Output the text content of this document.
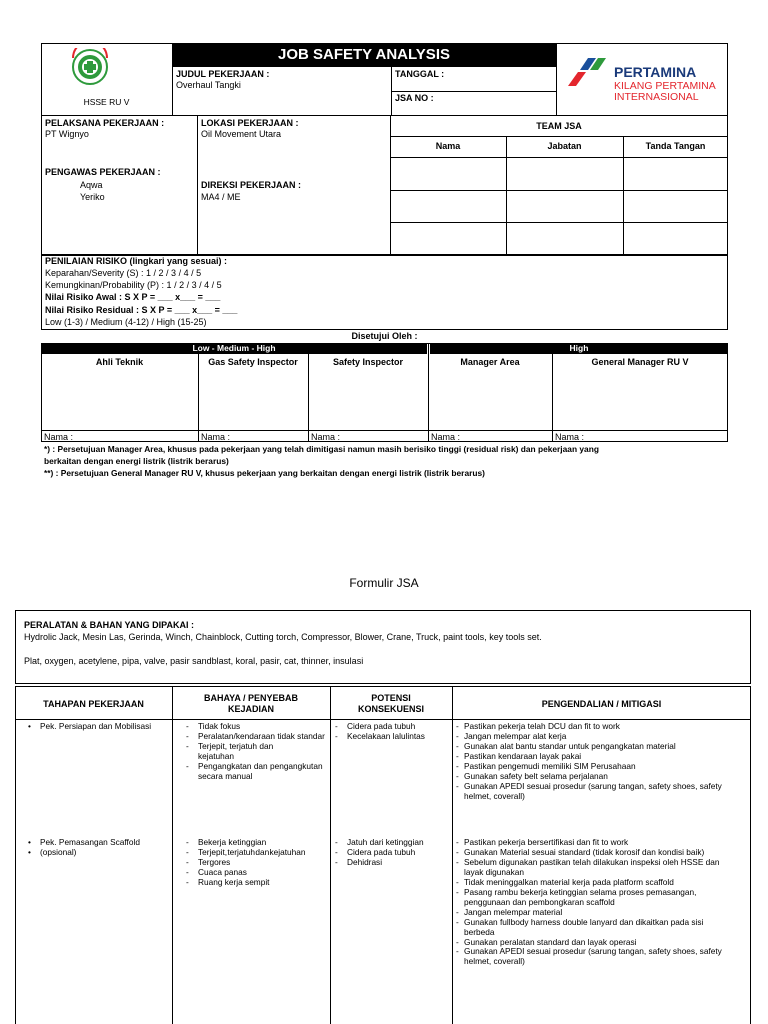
HSSE RU V
JOB SAFETY ANALYSIS
JUDUL PEKERJAAN :
Overhaul Tangki
TANGGAL :
JSA NO :
PERTAMINA
KILANG PERTAMINA
INTERNASIONAL
PELAKSANA PEKERJAAN :
PT Wignyo
LOKASI PEKERJAAN :
Oil Movement Utara
PENGAWAS PEKERJAAN :
Aqwa
Yeriko
DIREKSI PEKERJAAN :
MA4 / ME
TEAM JSA
Nama	Jabatan	Tanda Tangan
PENILAIAN RISIKO (lingkari yang sesuai) :
Keparahan/Severity (S) : 1 / 2 / 3 / 4 / 5
Kemungkinan/Probability (P) : 1 / 2 / 3 / 4 / 5
Nilai Risiko Awal : S X P = ___ x___ = ___
Nilai Risiko Residual : S X P = ___ x___ = ___
Low (1-3) / Medium (4-12) / High (15-25)
Disetujui Oleh :
Low - Medium - High	High
Ahli Teknik	Gas Safety Inspector	Safety Inspector	Manager Area	General Manager RU V
Nama :	Nama :	Nama :	Nama :	Nama :
*) : Persetujuan Manager Area, khusus pada pekerjaan yang telah dimitigasi namun masih berisiko tinggi (residual risk) dan pekerjaan yang
berkaitan dengan energi listrik (listrik berarus)
**) : Persetujuan General Manager RU V, khusus pekerjaan yang berkaitan dengan energi listrik (listrik berarus)
Formulir JSA
PERALATAN & BAHAN YANG DIPAKAI :
Hydrolic Jack, Mesin Las, Gerinda, Winch, Chainblock, Cutting torch, Compressor, Blower, Crane, Truck, paint tools, key tools set.
Plat, oxygen, acetylene, pipa, valve, pasir sandblast, koral, pasir, cat, thinner, insulasi
TAHAPAN PEKERJAAN
BAHAYA / PENYEBAB
KEJADIAN
POTENSI
KONSEKUENSI	PENGENDALIAN / MITIGASI
• Pek. Persiapan dan Mobilisasi
-	Tidak fokus
- Peralatan/kendaraan tidak standar
- Terjepit, terjatuh dan kejatuhan
- Pengangkatan dan pengangkutan secara manual
- Cidera pada tubuh
- Kecelakaan lalulintas
- Pastikan pekerja telah DCU dan fit to work
- Jangan melempar alat kerja
- Gunakan alat bantu standar untuk pengangkatan material
- Pastikan kendaraan layak pakai
- Pastikan pengemudi memiliki SIM Perusahaan
- Gunakan safety belt selama perjalanan
- Gunakan APEDI sesuai prosedur (sarung tangan, safety shoes, safety helmet, coverall)
• Pek. Pemasangan Scaffold
• (opsional)
- Bekerja ketinggian
- Terjepit, terjatuh dan kejatuhan
- Tergores
- Cuaca panas
- Ruang kerja sempit
- Jatuh dari ketinggian
- Cidera pada tubuh
- Dehidrasi
- Pastikan pekerja bersertifikasi dan fit to work
- Gunakan Material sesuai standard (tidak korosif dan kondisi baik)
- Sebelum digunakan pastikan telah dilakukan inspeksi oleh HSSE dan layak digunakan
- Tidak meninggalkan material kerja pada platform scaffold
- Pasang rambu bekerja ketinggian selama proses pemasangan, penggunaan dan pembongkaran scaffold
- Jangan melempar material
- Gunakan fullbody harness double lanyard dan dikaitkan pada sisi berbeda
- Gunakan peralatan standard dan layak operasi
- Gunakan APEDI sesuai prosedur (sarung tangan, safety shoes, safety helmet, coverall)
